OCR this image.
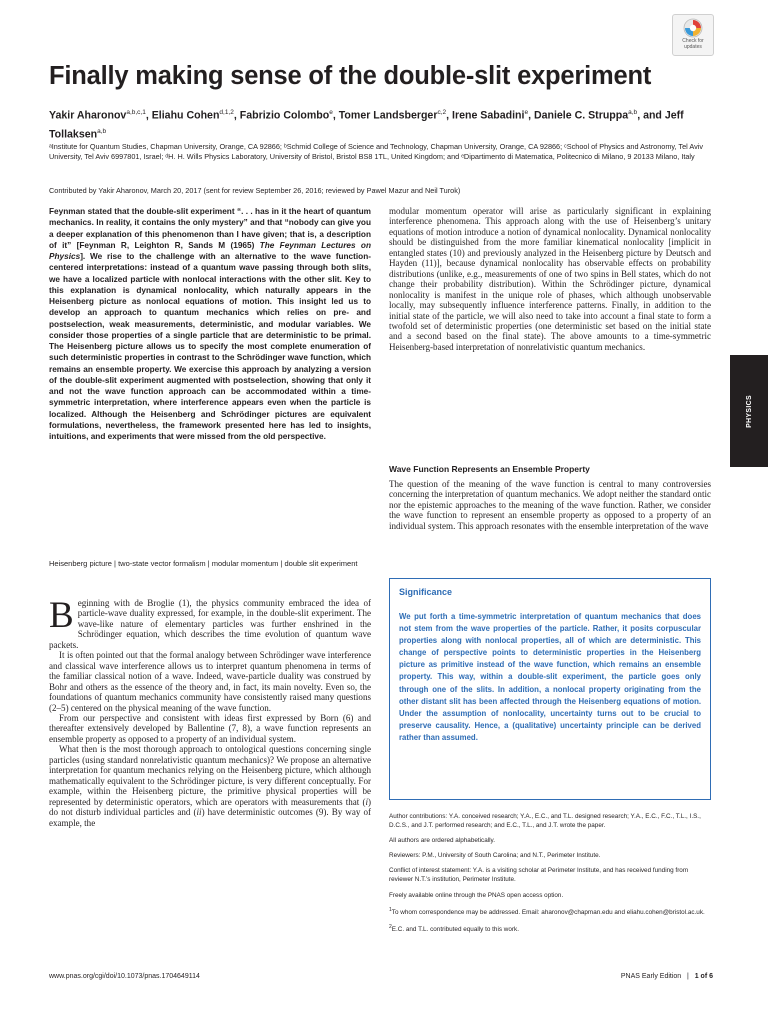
Check for updates
Finally making sense of the double-slit experiment
Yakir Aharonov$^{a,b,c,1}$, Eliahu Cohen$^{d,1,2}$, Fabrizio Colombo$^e$, Tomer Landsberger$^{c,2}$, Irene Sabadini$^e$, Daniele C. Struppa$^{a,b}$, and Jeff Tollaksen$^{a,b}$
ᵃInstitute for Quantum Studies, Chapman University, Orange, CA 92866; ᵇSchmid College of Science and Technology, Chapman University, Orange, CA 92866; ᶜSchool of Physics and Astronomy, Tel Aviv University, Tel Aviv 6997801, Israel; ᵈH. H. Wills Physics Laboratory, University of Bristol, Bristol BS8 1TL, United Kingdom; and ᵉDipartimento di Matematica, Politecnico di Milano, 9 20133 Milano, Italy
Contributed by Yakir Aharonov, March 20, 2017 (sent for review September 26, 2016; reviewed by Pawel Mazur and Neil Turok)
Feynman stated that the double-slit experiment “. . . has in it the heart of quantum mechanics. In reality, it contains the only mystery” and that “nobody can give you a deeper explanation of this phenomenon than I have given; that is, a description of it” [Feynman R, Leighton R, Sands M (1965) The Feynman Lectures on Physics]. We rise to the challenge with an alternative to the wave function-centered interpretations: instead of a quantum wave passing through both slits, we have a localized particle with nonlocal interactions with the other slit. Key to this explanation is dynamical nonlocality, which naturally appears in the Heisenberg picture as nonlocal equations of motion. This insight led us to develop an approach to quantum mechanics which relies on pre- and postselection, weak measurements, deterministic, and modular variables. We consider those properties of a single particle that are deterministic to be primal. The Heisenberg picture allows us to specify the most complete enumeration of such deterministic properties in contrast to the Schrödinger wave function, which remains an ensemble property. We exercise this approach by analyzing a version of the double-slit experiment augmented with postselection, showing that only it and not the wave function approach can be accommodated within a time-symmetric interpretation, where interference appears even when the particle is localized. Although the Heisenberg and Schrödinger pictures are equivalent formulations, nevertheless, the framework presented here has led to insights, intuitions, and experiments that were missed from the old perspective.
Heisenberg picture | two-state vector formalism | modular momentum | double slit experiment

Beginning with de Broglie (1), the physics community embraced the idea of particle-wave duality expressed, for example, in the double-slit experiment. The wave-like nature of elementary particles was further enshrined in the Schrödinger equation, which describes the time evolution of quantum wave packets.

It is often pointed out that the formal analogy between Schrödinger wave interference and classical wave interference allows us to interpret quantum phenomena in terms of the familiar classical notion of a wave. Indeed, wave-particle duality was construed by Bohr and others as the essence of the theory and, in fact, its main novelty. Even so, the foundations of quantum mechanics community have consistently raised many questions (2–5) centered on the physical meaning of the wave function.

From our perspective and consistent with ideas first expressed by Born (6) and thereafter extensively developed by Ballentine (7, 8), a wave function represents an ensemble property as opposed to a property of an individual system.

What then is the most thorough approach to ontological questions concerning single particles (using standard nonrelativistic quantum mechanics)? We propose an alternative interpretation for quantum mechanics relying on the Heisenberg picture, which although mathematically equivalent to the Schrödinger picture, is very different conceptually. For example, within the Heisenberg picture, the primitive physical properties will be represented by deterministic operators, which are operators with measurements that (i) do not disturb individual particles and (ii) have deterministic outcomes (9). By way of example, the

modular momentum operator will arise as particularly significant in explaining interference phenomena. This approach along with the use of Heisenberg’s unitary equations of motion introduce a notion of dynamical nonlocality. Dynamical nonlocality should be distinguished from the more familiar kinematical nonlocality [implicit in entangled states (10) and previously analyzed in the Heisenberg picture by Deutsch and Hayden (11)], because dynamical nonlocality has observable effects on probability distributions (unlike, e.g., measurements of one of two spins in Bell states, which do not change their probability distribution). Within the Schrödinger picture, dynamical nonlocality is manifest in the unique role of phases, which although unobservable locally, may subsequently influence interference patterns. Finally, in addition to the initial state of the particle, we will also need to take into account a final state to form a twofold set of deterministic properties (one deterministic set based on the initial state and a second based on the final state). The above amounts to a time-symmetric Heisenberg-based interpretation of nonrelativistic quantum mechanics.

Wave Function Represents an Ensemble Property

The question of the meaning of the wave function is central to many controversies concerning the interpretation of quantum mechanics. We adopt neither the standard ontic nor the epistemic approaches to the meaning of the wave function. Rather, we consider the wave function to represent an ensemble property as opposed to a property of an individual system. This approach resonates with the ensemble interpretation of the wave

Significance
We put forth a time-symmetric interpretation of quantum mechanics that does not stem from the wave properties of the particle. Rather, it posits corpuscular properties along with nonlocal properties, all of which are deterministic. This change of perspective points to deterministic properties in the Heisenberg picture as primitive instead of the wave function, which remains an ensemble property. This way, within a double-slit experiment, the particle goes only through one of the slits. In addition, a nonlocal property originating from the other distant slit has been affected through the Heisenberg equations of motion. Under the assumption of nonlocality, uncertainty turns out to be crucial to preserve causality. Hence, a (qualitative) uncertainty principle can be derived rather than assumed.

Author contributions: Y.A. conceived research; Y.A., E.C., and T.L. designed research; Y.A., E.C., F.C., T.L., I.S., D.C.S., and J.T. performed research; and E.C., T.L., and J.T. wrote the paper.

All authors are ordered alphabetically.

Reviewers: P.M., University of South Carolina; and N.T., Perimeter Institute.

Conflict of interest statement: Y.A. is a visiting scholar at Perimeter Institute, and has received funding from reviewer N.T.’s institution, Perimeter Institute.

Freely available online through the PNAS open access option.

$^1$To whom correspondence may be addressed. Email: aharonov@chapman.edu and eliahu.cohen@bristol.ac.uk.

$^2$E.C. and T.L. contributed equally to this work.

PHYSICS
www.pnas.org/cgi/doi/10.1073/pnas.1704649114	PNAS Early Edition | 1 of 6
